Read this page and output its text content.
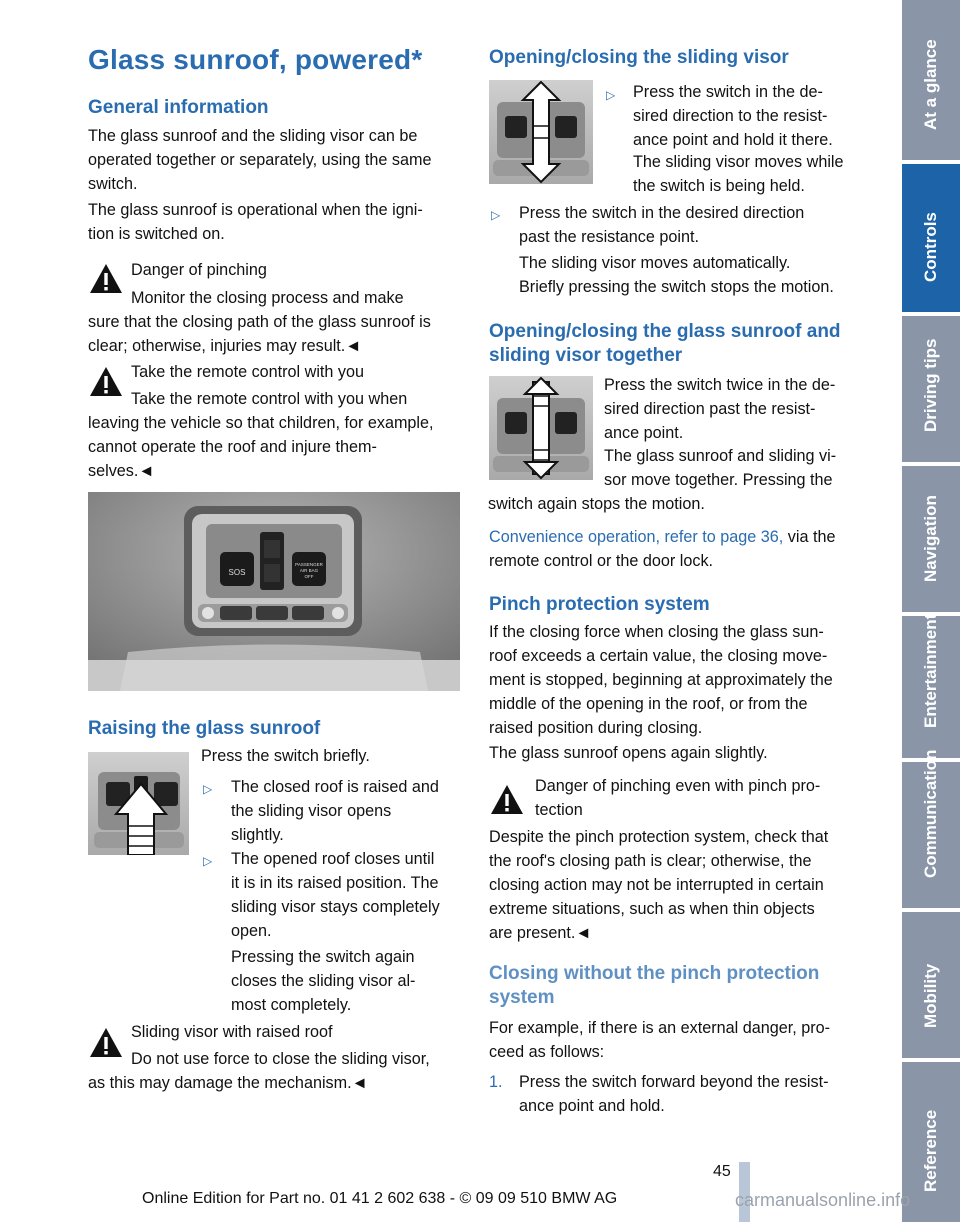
Glass sunroof, powered*
General information

The glass sunroof and the sliding visor can be
operated together or separately, using the same
switch.

The glass sunroof is operational when the igni-
tion is switched on.

Danger of pinching

Monitor the closing process and make
sure that the closing path of the glass sunroof is
clear; otherwise, injuries may result.◄

Take the remote control with you

Take the remote control with you when
leaving the vehicle so that children, for example,
cannot operate the roof and injure them-
selves.◄

SOS
PASSENGER
AIR BAG
OFF
Raising the glass sunroof

Press the switch briefly.

▷ The closed roof is raised and
the sliding visor opens
slightly.

▷ The opened roof closes until
it is in its raised position. The
sliding visor stays completely
open.

Pressing the switch again
closes the sliding visor al-
most completely.

Sliding visor with raised roof

Do not use force to close the sliding visor,
as this may damage the mechanism.◄

Opening/closing the sliding visor
▷ Press the switch in the de-
sired direction to the resist-
ance point and hold it there.

The sliding visor moves while
the switch is being held.

▷ Press the switch in the desired direction
past the resistance point.

The sliding visor moves automatically.
Briefly pressing the switch stops the motion.

Opening/closing the glass sunroof and
sliding visor together

Press the switch twice in the de-
sired direction past the resist-
ance point.

The glass sunroof and sliding vi-
sor move together. Pressing the

switch again stops the motion.

Convenience operation, refer to page 36, via the
remote control or the door lock.

Pinch protection system

If the closing force when closing the glass sun-
roof exceeds a certain value, the closing move-
ment is stopped, beginning at approximately the
middle of the opening in the roof, or from the
raised position during closing.

The glass sunroof opens again slightly.

Danger of pinching even with pinch pro-
tection

Despite the pinch protection system, check that
the roof's closing path is clear; otherwise, the
closing action may not be interrupted in certain
extreme situations, such as when thin objects
are present.◄

Closing without the pinch protection
system

For example, if there is an external danger, pro-
ceed as follows:

1. Press the switch forward beyond the resist-
ance point and hold.

At a glance
Controls
Driving tips
Navigation
Entertainment
Communication
Mobility
Reference
45
Online Edition for Part no. 01 41 2 602 638 - © 09 09 510 BMW AG	carmanualsonline.info
